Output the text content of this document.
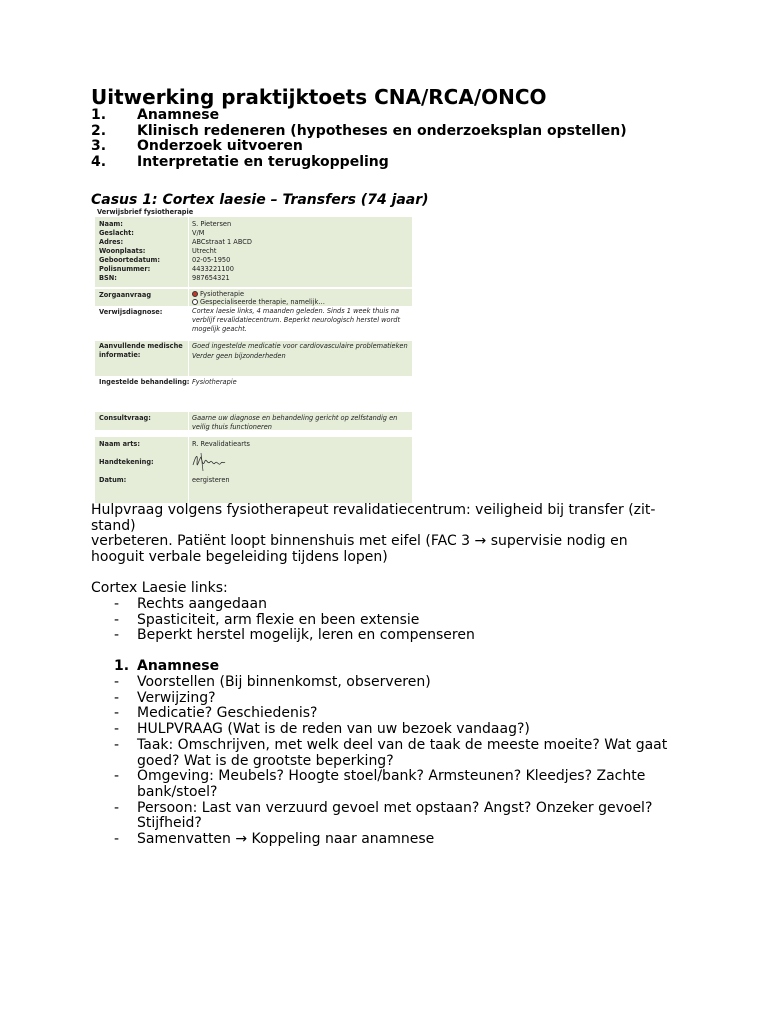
Uitwerking praktijktoets CNA/RCA/ONCO
1. Anamnese
2. Klinisch redeneren (hypotheses en onderzoeksplan opstellen)
3. Onderzoek uitvoeren
4. Interpretatie en terugkoppeling
Casus 1: Cortex laesie – Transfers (74 jaar)
Verwijsbrief fysiotherapie
Naam:	S. Pietersen
Geslacht:	V/M
Adres:	ABCstraat 1 ABCD
Woonplaats:	Utrecht
Geboortedatum:	02-05-1950
Polisnummer:	4433221100
BSN:	987654321
Zorgaanvraag	Fysiotherapie
Gespecialiseerde therapie, namelijk…
Verwijsdiagnose:	Cortex laesie links, 4 maanden geleden. Sinds 1 week thuis na verblijf revalidatiecentrum. Beperkt neurologisch herstel wordt mogelijk geacht.
Aanvullende medische informatie:
Goed ingestelde medicatie voor cardiovasculaire problematieken
Verder geen bijzonderheden
Ingestelde behandeling: Fysiotherapie
Consultvraag:	Gaarne uw diagnose en behandeling gericht op zelfstandig en veilig thuis functioneren
Naam arts:	R. Revalidatiearts
Handtekening:
Datum:	eergisteren
Hulpvraag volgens fysiotherapeut revalidatiecentrum: veiligheid bij transfer (zit-
stand)
verbeteren. Patiënt loopt binnenshuis met eifel (FAC 3 → supervisie nodig en
hooguit verbale begeleiding tijdens lopen)
Cortex Laesie links:
- Rechts aangedaan
- Spasticiteit, arm flexie en been extensie
- Beperkt herstel mogelijk, leren en compenseren
1. Anamnese
- Voorstellen (Bij binnenkomst, observeren)
- Verwijzing?
- Medicatie? Geschiedenis?
- HULPVRAAG (Wat is de reden van uw bezoek vandaag?)
- Taak: Omschrijven, met welk deel van de taak de meeste moeite? Wat gaat goed? Wat is de grootste beperking?
- Omgeving: Meubels? Hoogte stoel/bank? Armsteunen? Kleedjes? Zachte bank/stoel?
- Persoon: Last van verzuurd gevoel met opstaan? Angst? Onzeker gevoel? Stijfheid?
- Samenvatten → Koppeling naar anamnese
